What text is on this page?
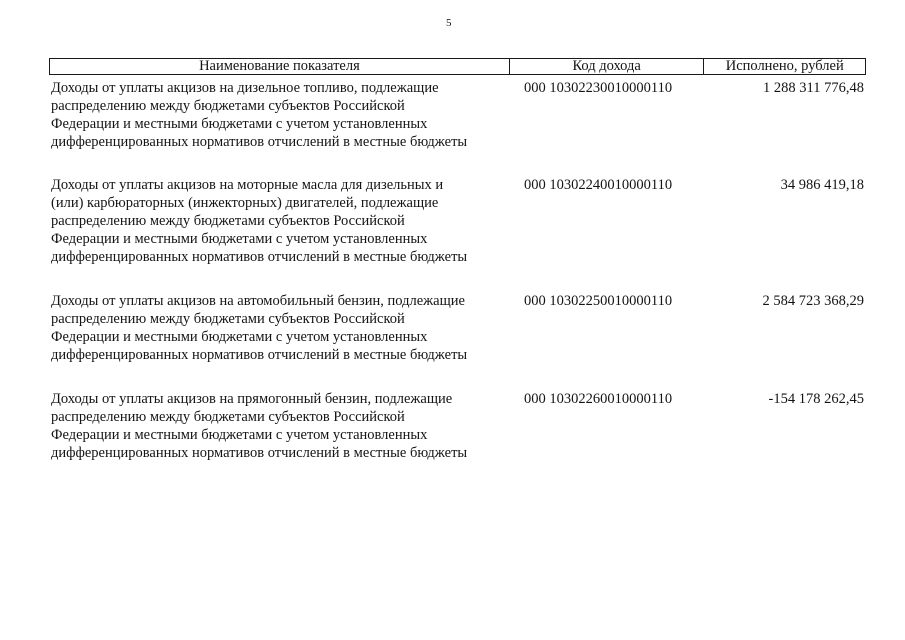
5
Наименование показателя	Код дохода	Исполнено, рублей
Доходы от уплаты акцизов на дизельное топливо, подлежащие
распределению между бюджетами субъектов Российской
Федерации и местными бюджетами с учетом установленных
дифференцированных нормативов отчислений в местные бюджеты
000 10302230010000110	1 288 311 776,48
Доходы от уплаты акцизов на моторные масла для дизельных и
(или) карбюраторных (инжекторных) двигателей, подлежащие
распределению между бюджетами субъектов Российской
Федерации и местными бюджетами с учетом установленных
дифференцированных нормативов отчислений в местные бюджеты
000 10302240010000110	34 986 419,18
Доходы от уплаты акцизов на автомобильный бензин, подлежащие
распределению между бюджетами субъектов Российской
Федерации и местными бюджетами с учетом установленных
дифференцированных нормативов отчислений в местные бюджеты
000 10302250010000110	2 584 723 368,29
Доходы от уплаты акцизов на прямогонный бензин, подлежащие
распределению между бюджетами субъектов Российской
Федерации и местными бюджетами с учетом установленных
дифференцированных нормативов отчислений в местные бюджеты
000 10302260010000110	-154 178 262,45
